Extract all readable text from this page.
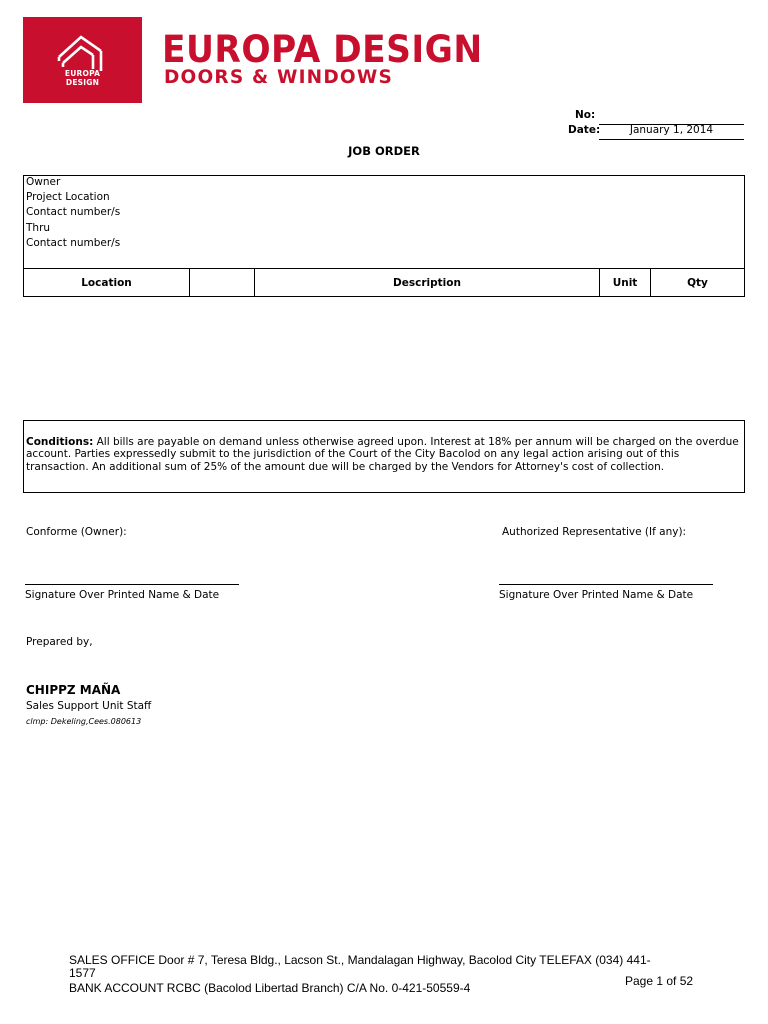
EUROPA
DESIGN
EUROPA DESIGN
DOORS & WINDOWS
No:
Date:	January 1, 2014
JOB ORDER
Owner
Project Location
Contact number/s
Thru
Contact number/s
Location	Description	Unit	Qty
Conditions: All bills are payable on demand unless otherwise agreed upon. Interest at 18% per annum will be charged on the overdue
account. Parties expressedly submit to the jurisdiction of the Court of the City Bacolod on any legal action arising out of this
transaction. An additional sum of 25% of the amount due will be charged by the Vendors for Attorney's cost of collection.
Conforme (Owner):	Authorized Representative (If any):
Signature Over Printed Name & Date	Signature Over Printed Name & Date
Prepared by,
CHIPPZ MAÑA
Sales Support Unit Staff
clmp: Dekeling,Cees.080613
SALES OFFICE Door # 7, Teresa Bldg., Lacson St., Mandalagan Highway, Bacolod City TELEFAX (034) 441-
1577
BANK ACCOUNT RCBC (Bacolod Libertad Branch) C/A No. 0-421-50559-4	Page 1 of 52
